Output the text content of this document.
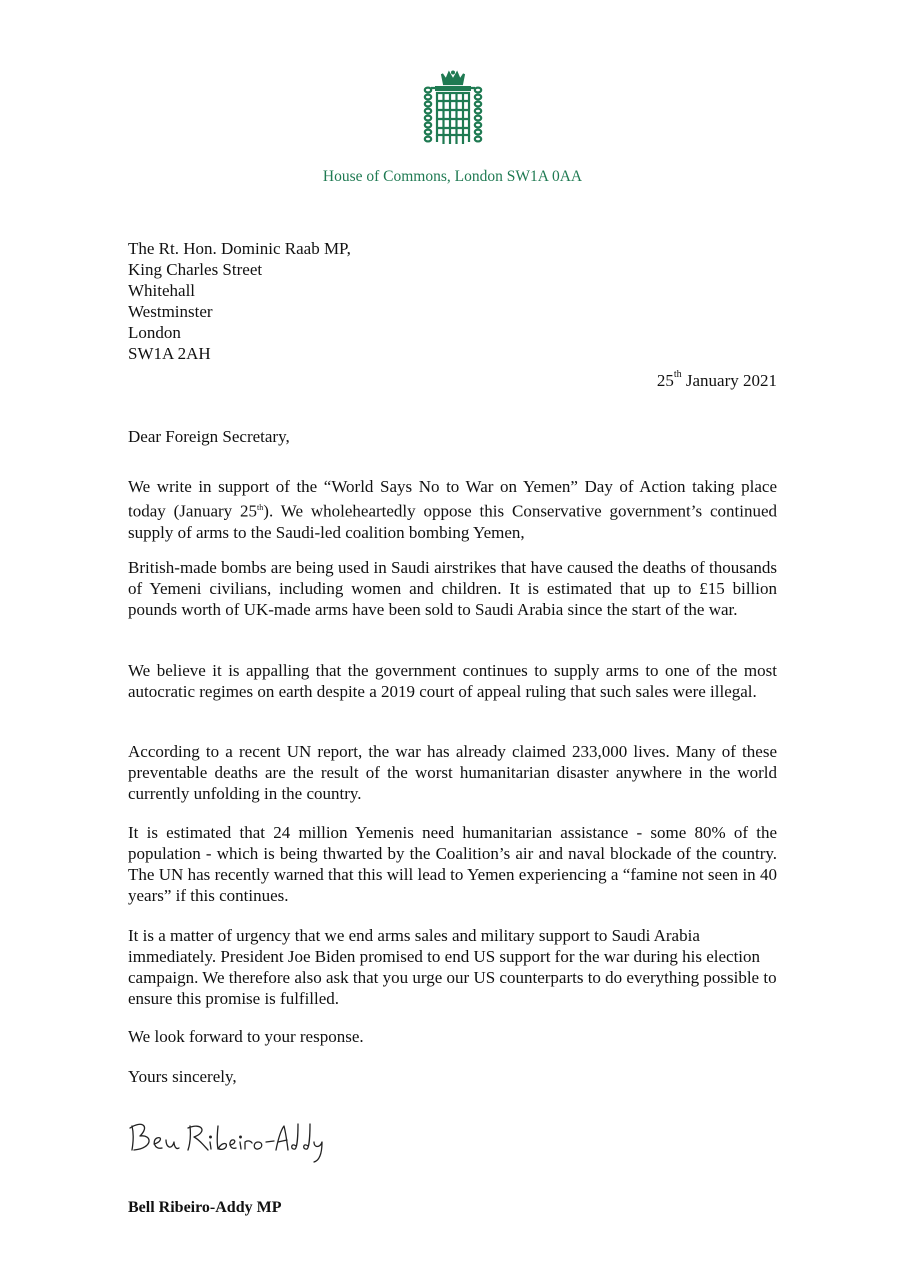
House of Commons, London SW1A 0AA
The Rt. Hon. Dominic Raab MP,
King Charles Street
Whitehall
Westminster
London
SW1A 2AH
25th January 2021
Dear Foreign Secretary,

We write in support of the “World Says No to War on Yemen” Day of Action taking place today (January 25th). We wholeheartedly oppose this Conservative government’s continued supply of arms to the Saudi-led coalition bombing Yemen,

British-made bombs are being used in Saudi airstrikes that have caused the deaths of thousands of Yemeni civilians, including women and children. It is estimated that up to £15 billion pounds worth of UK-made arms have been sold to Saudi Arabia since the start of the war.

We believe it is appalling that the government continues to supply arms to one of the most autocratic regimes on earth despite a 2019 court of appeal ruling that such sales were illegal.

According to a recent UN report, the war has already claimed 233,000 lives. Many of these preventable deaths are the result of the worst humanitarian disaster anywhere in the world currently unfolding in the country.

It is estimated that 24 million Yemenis need humanitarian assistance - some 80% of the population - which is being thwarted by the Coalition’s air and naval blockade of the country. The UN has recently warned that this will lead to Yemen experiencing a “famine not seen in 40 years” if this continues.

It is a matter of urgency that we end arms sales and military support to Saudi Arabia immediately. President Joe Biden promised to end US support for the war during his election campaign. We therefore also ask that you urge our US counterparts to do everything possible to ensure this promise is fulfilled.

We look forward to your response.
Yours sincerely,
Bell Ribeiro-Addy MP
